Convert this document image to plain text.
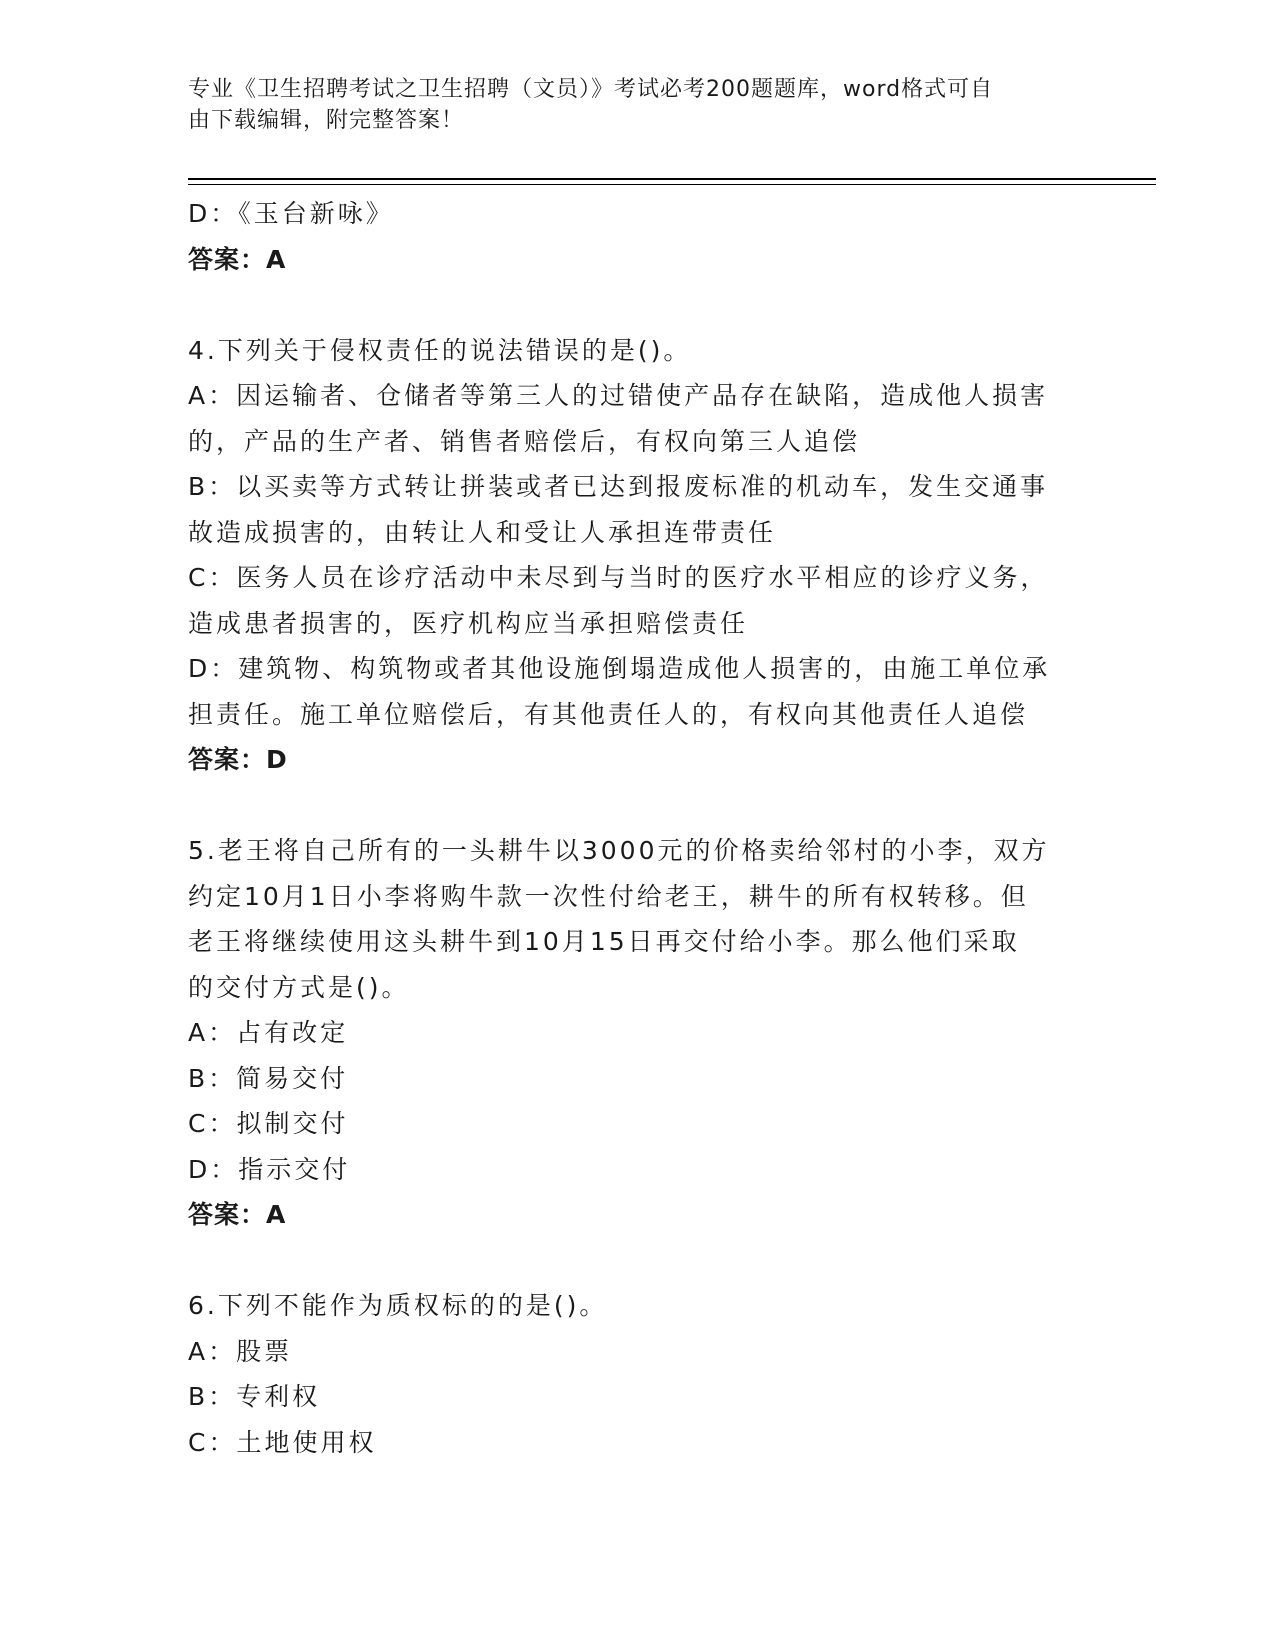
专业《卫生招聘考试之卫生招聘（文员）》考试必考200题题库，word格式可自
由下载编辑，附完整答案！
D：《玉台新咏》
答案：A
4.下列关于侵权责任的说法错误的是()。
A：因运输者、仓储者等第三人的过错使产品存在缺陷，造成他人损害
的，产品的生产者、销售者赔偿后，有权向第三人追偿
B：以买卖等方式转让拼装或者已达到报废标准的机动车，发生交通事
故造成损害的，由转让人和受让人承担连带责任
C：医务人员在诊疗活动中未尽到与当时的医疗水平相应的诊疗义务，
造成患者损害的，医疗机构应当承担赔偿责任
D：建筑物、构筑物或者其他设施倒塌造成他人损害的，由施工单位承
担责任。施工单位赔偿后，有其他责任人的，有权向其他责任人追偿
答案：D
5.老王将自己所有的一头耕牛以3000元的价格卖给邻村的小李，双方
约定10月1日小李将购牛款一次性付给老王，耕牛的所有权转移。但
老王将继续使用这头耕牛到10月15日再交付给小李。那么他们采取
的交付方式是()。
A：占有改定
B：简易交付
C：拟制交付
D：指示交付
答案：A
6.下列不能作为质权标的的是()。
A：股票
B：专利权
C：土地使用权
